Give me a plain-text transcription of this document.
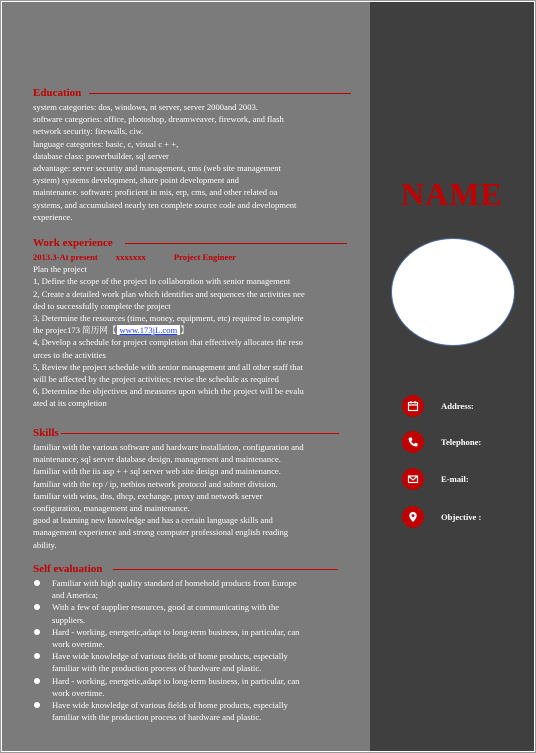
Education

system categories: dos, windows, nt server, server 2000and 2003.
software categories: office, photoshop, dreamweaver, firework, and flash
network security: firewalls, ciw.
language categories: basic, c, visual c + +,
database class: powerbuilder, sql server
advantage: server security and management, cms (web site management
system) systems development, share point development and
maintenance. software: proficient in mis, erp, cms, and other related oa
systems, and accumulated nearly ten complete source code and development
experience.

Work experience
2013.3-At present xxxxxxx	Project Engineer

Plan the project
1, Define the scope of the project in collaboration with senior management
2, Create a detailed work plan which identifies and sequences the activities nee
ded to successfully complete the project
3, Determine the resources (time, money, equipment, etc) required to complete

the projec173 简历网【 www.173jL.com 】

4, Develop a schedule for project completion that effectively allocates the reso
urces to the activities
5, Review the project schedule with senior management and all other staff that
will be affected by the project activities; revise the schedule as required
6, Determine the objectives and measures upon which the project will be evalu
ated at its completion

Skills

familiar with the various software and hardware installation, configuration and
maintenance; sql server database design, management and maintenance.
familiar with the iis asp + + sql server web site design and maintenance.
familiar with the tcp / ip, netbios network protocol and subnet division.
familiar with wins, dns, dhcp, exchange, proxy and network server
configuration, management and maintenance.
good at learning new knowledge and has a certain language skills and
management experience and strong computer professional english reading
ability.

Self evaluation
Familiar with high quality standard of homehold products from Europe
and America;
With a few of supplier resources, good at communicating with the
suppliers.
Hard - working, energetic,adapt to long-term business, in particular, can
work overtime.
Have wide knowledge of various fields of home products, especially
familiar with the production process of hardware and plastic.
Hard - working, energetic,adapt to long-term business, in particular, can
work overtime.
Have wide knowledge of various fields of home products, especially
familiar with the production process of hardware and plastic.
NAME
Address:
Telephone:
E-mail:
Objective :
